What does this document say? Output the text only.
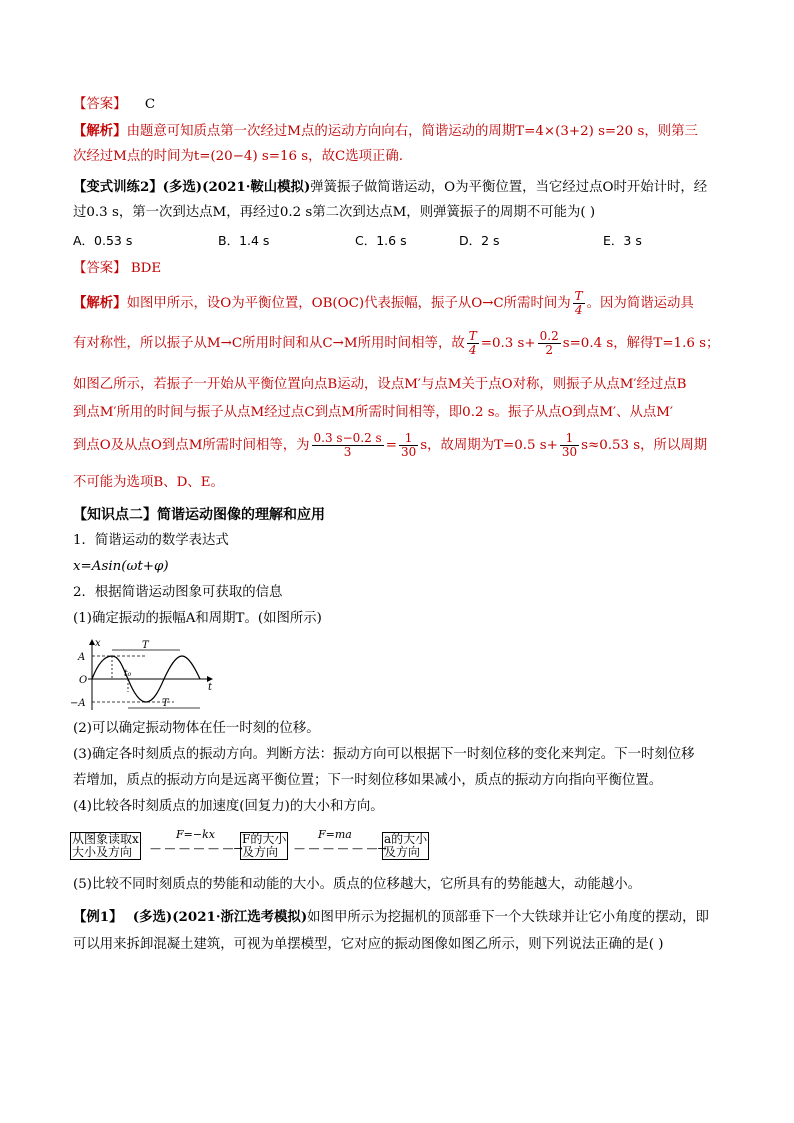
【答案】 C
【解析】由题意可知质点第一次经过M点的运动方向向右，简谐运动的周期T=4×(3+2) s=20 s，则第三
次经过M点的时间为t=(20−4) s=16 s，故C选项正确.
【变式训练2】(多选)(2021·鞍山模拟)弹簧振子做简谐运动，O为平衡位置，当它经过点O时开始计时，经
过0.3 s，第一次到达点M，再经过0.2 s第二次到达点M，则弹簧振子的周期不可能为( )
A．0.53 s	B．1.4 s	C．1.6 s	D．2 s	E．3 s
【答案】 BDE
【解析】如图甲所示，设O为平衡位置，OB(OC)代表振幅，振子从O→C所需时间为 $\frac{T}{4}$ 。因为简谐运动具
有对称性，所以振子从M→C所用时间和从C→M所用时间相等，故 $\frac{T}{4} =0.3$ $s+ \frac{0.2}{2} s=0.4$ s，解得T=1.6 s；
如图乙所示，若振子一开始从平衡位置向点B运动，设点M′与点M关于点O对称，则振子从点M′经过点B
到点M′所用的时间与振子从点M经过点C到点M所需时间相等，即0.2 s。振子从点O到点M′、从点M′
到点O及从点O到点M所需时间相等，为 $\frac{0.3 s-0.2 s}{3} = \frac{1}{30}$ s，故周期为T=0.5 $s+ \frac{1}{30} s\approx 0.53$ s，所以周期
不可能为选项B、D、E。
【知识点二】简谐运动图像的理解和应用
1．简谐运动的数学表达式
x=Asin(ωt+φ)
2．根据简谐运动图象可获取的信息
(1)确定振动的振幅A和周期T。(如图所示)
x
t
A
O
−A
T
T
t₀
(2)可以确定振动物体在任一时刻的位移。
(3)确定各时刻质点的振动方向。判断方法：振动方向可以根据下一时刻位移的变化来判定。下一时刻位移
若增加，质点的振动方向是远离平衡位置；下一时刻位移如果减小，质点的振动方向指向平衡位置。
(4)比较各时刻质点的加速度(回复力)的大小和方向。
从图象读取x
大小及方向
F=−kx
— — — — — —→
F的大小
及方向
F=ma
— — — — — —→
a的大小
及方向
(5)比较不同时刻质点的势能和动能的大小。质点的位移越大，它所具有的势能越大，动能越小。
【例1】 (多选)(2021·浙江选考模拟)如图甲所示为挖掘机的顶部垂下一个大铁球并让它小角度的摆动，即
可以用来拆卸混凝土建筑，可视为单摆模型，它对应的振动图像如图乙所示，则下列说法正确的是( )
